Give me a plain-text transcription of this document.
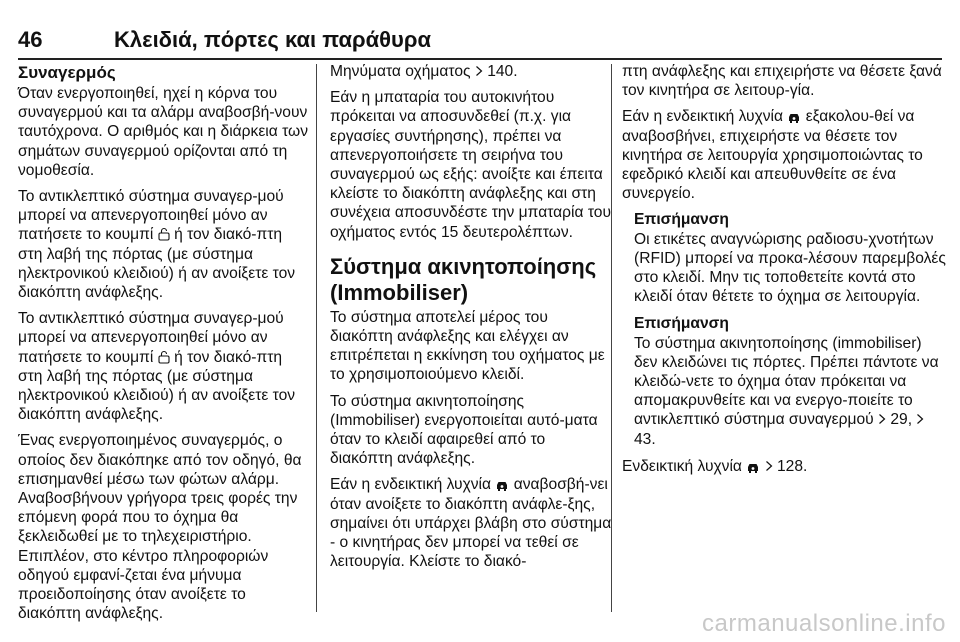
46	Κλειδιά, πόρτες και παράθυρα
Συναγερμός

Όταν ενεργοποιηθεί, ηχεί η κόρνα του συναγερμού και τα αλάρμ αναβοσβή-νουν ταυτόχρονα. Ο αριθμός και η διάρκεια των σημάτων συναγερμού ορίζονται από τη νομοθεσία.

Το αντικλεπτικό σύστημα συναγερ-μού μπορεί να απενεργοποιηθεί μόνο αν πατήσετε το κουμπί ή τον διακό-πτη στη λαβή της πόρτας (με σύστημα ηλεκτρονικού κλειδιού) ή αν ανοίξετε τον διακόπτη ανάφλεξης.

Το αντικλεπτικό σύστημα συναγερ-μού μπορεί να απενεργοποιηθεί μόνο αν πατήσετε το κουμπί ή τον διακό-πτη στη λαβή της πόρτας (με σύστημα ηλεκτρονικού κλειδιού) ή αν ανοίξετε τον διακόπτη ανάφλεξης.

Ένας ενεργοποιημένος συναγερμός, ο οποίος δεν διακόπηκε από τον οδηγό, θα επισημανθεί μέσω των φώτων αλάρμ. Αναβοσβήνουν γρήγορα τρεις φορές την επόμενη φορά που το όχημα θα ξεκλειδωθεί με το τηλεχειριστήριο. Επιπλέον, στο κέντρο πληροφοριών οδηγού εμφανί-ζεται ένα μήνυμα προειδοποίησης όταν ανοίξετε το διακόπτη ανάφλεξης.

Μηνύματα οχήματος 140.

Εάν η μπαταρία του αυτοκινήτου πρόκειται να αποσυνδεθεί (π.χ. για εργασίες συντήρησης), πρέπει να απενεργοποιήσετε τη σειρήνα του συναγερμού ως εξής: ανοίξτε και έπειτα κλείστε το διακόπτη ανάφλεξης και στη συνέχεια αποσυνδέστε την μπαταρία του οχήματος εντός 15 δευτερολέπτων.

Σύστημα ακινητοποίησης (Immobiliser)

Το σύστημα αποτελεί μέρος του διακόπτη ανάφλεξης και ελέγχει αν επιτρέπεται η εκκίνηση του οχήματος με το χρησιμοποιούμενο κλειδί.

Το σύστημα ακινητοποίησης (Immobiliser) ενεργοποιείται αυτό-ματα όταν το κλειδί αφαιρεθεί από το διακόπτη ανάφλεξης.

Εάν η ενδεικτική λυχνία αναβοσβή-νει όταν ανοίξετε το διακόπτη ανάφλε-ξης, σημαίνει ότι υπάρχει βλάβη στο σύστημα - ο κινητήρας δεν μπορεί να τεθεί σε λειτουργία. Κλείστε το διακό-

πτη ανάφλεξης και επιχειρήστε να θέσετε ξανά τον κινητήρα σε λειτουρ-γία.

Εάν η ενδεικτική λυχνία εξακολου-θεί να αναβοσβήνει, επιχειρήστε να θέσετε τον κινητήρα σε λειτουργία χρησιμοποιώντας το εφεδρικό κλειδί και απευθυνθείτε σε ένα συνεργείο.

Επισήμανση
Οι ετικέτες αναγνώρισης ραδιοσυ-χνοτήτων (RFID) μπορεί να προκα-λέσουν παρεμβολές στο κλειδί. Μην τις τοποθετείτε κοντά στο κλειδί όταν θέτετε το όχημα σε λειτουργία.
Επισήμανση
Το σύστημα ακινητοποίησης (immobiliser) δεν κλειδώνει τις πόρτες. Πρέπει πάντοτε να κλειδώ-νετε το όχημα όταν πρόκειται να απομακρυνθείτε και να ενεργο-ποιείτε το αντικλεπτικό σύστημα συναγερμού 29,  43.

Ενδεικτική λυχνία 128.

carmanualsonline.info
